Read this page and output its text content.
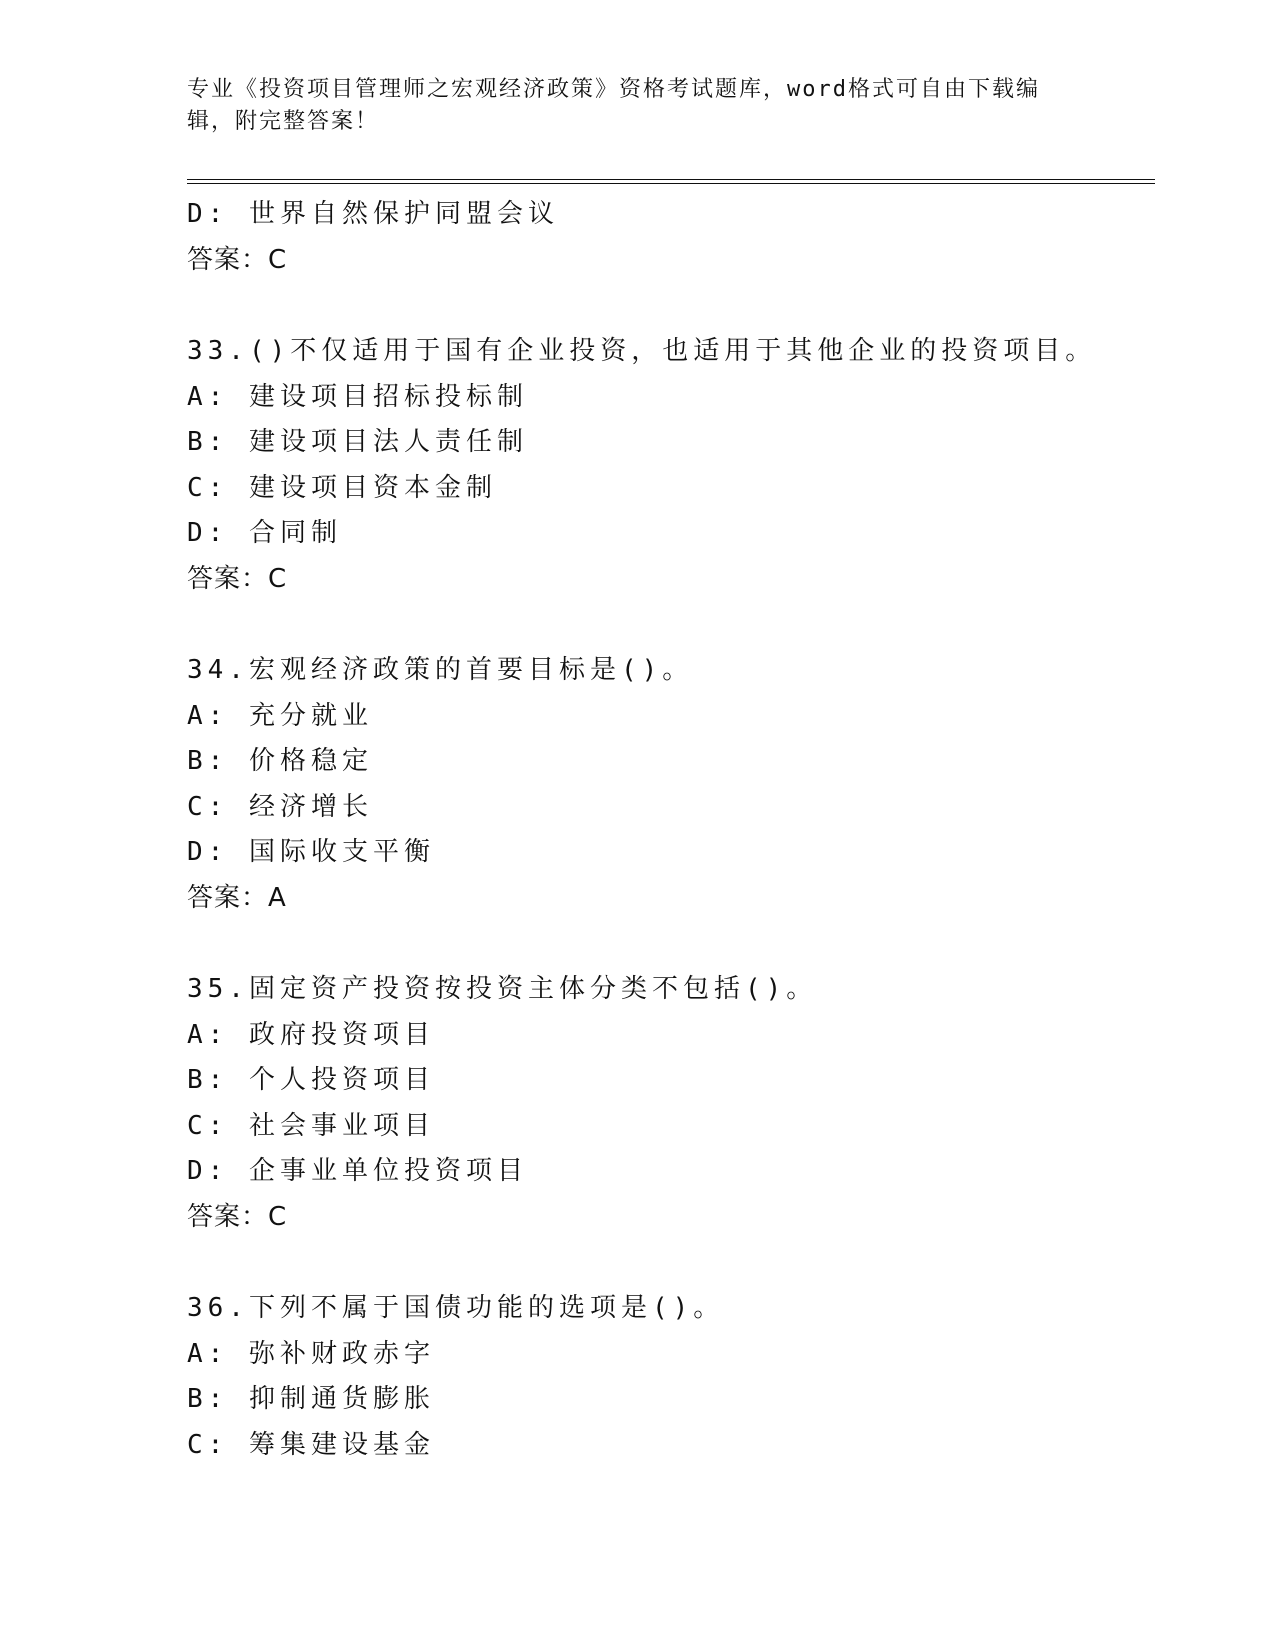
专业《投资项目管理师之宏观经济政策》资格考试题库，word格式可自由下载编
辑，附完整答案！
D: 世界自然保护同盟会议
答案：C
33.()不仅适用于国有企业投资，也适用于其他企业的投资项目。
A: 建设项目招标投标制
B: 建设项目法人责任制
C: 建设项目资本金制
D: 合同制
答案：C
34.宏观经济政策的首要目标是()。
A: 充分就业
B: 价格稳定
C: 经济增长
D: 国际收支平衡
答案：A
35.固定资产投资按投资主体分类不包括()。
A: 政府投资项目
B: 个人投资项目
C: 社会事业项目
D: 企事业单位投资项目
答案：C
36.下列不属于国债功能的选项是()。
A: 弥补财政赤字
B: 抑制通货膨胀
C: 筹集建设基金
